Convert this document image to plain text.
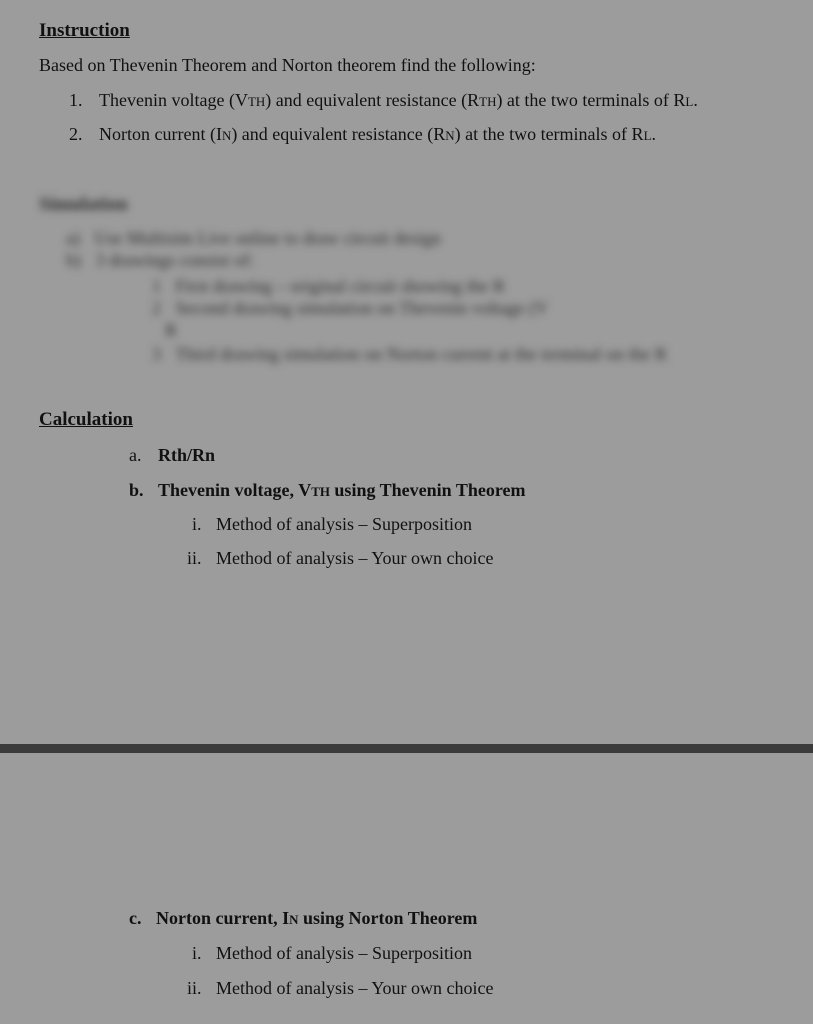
Instruction
Based on Thevenin Theorem and Norton theorem find the following:
1. Thevenin voltage (VTH) and equivalent resistance (RTH) at the two terminals of RL.
2. Norton current (IN) and equivalent resistance (RN) at the two terminals of RL.
Simulation
a) Use Multisim Live online to draw circuit design
b) 3 drawings consist of:
1 First drawing – original circuit showing the R
2 Second drawing simulation on Thevenin voltage (V
R
3 Third drawing simulation on Norton current at the terminal on the R
Calculation
a. Rth/Rn
b. Thevenin voltage, VTH using Thevenin Theorem
i. Method of analysis – Superposition
ii. Method of analysis – Your own choice
c. Norton current, IN using Norton Theorem
i. Method of analysis – Superposition
ii. Method of analysis – Your own choice
